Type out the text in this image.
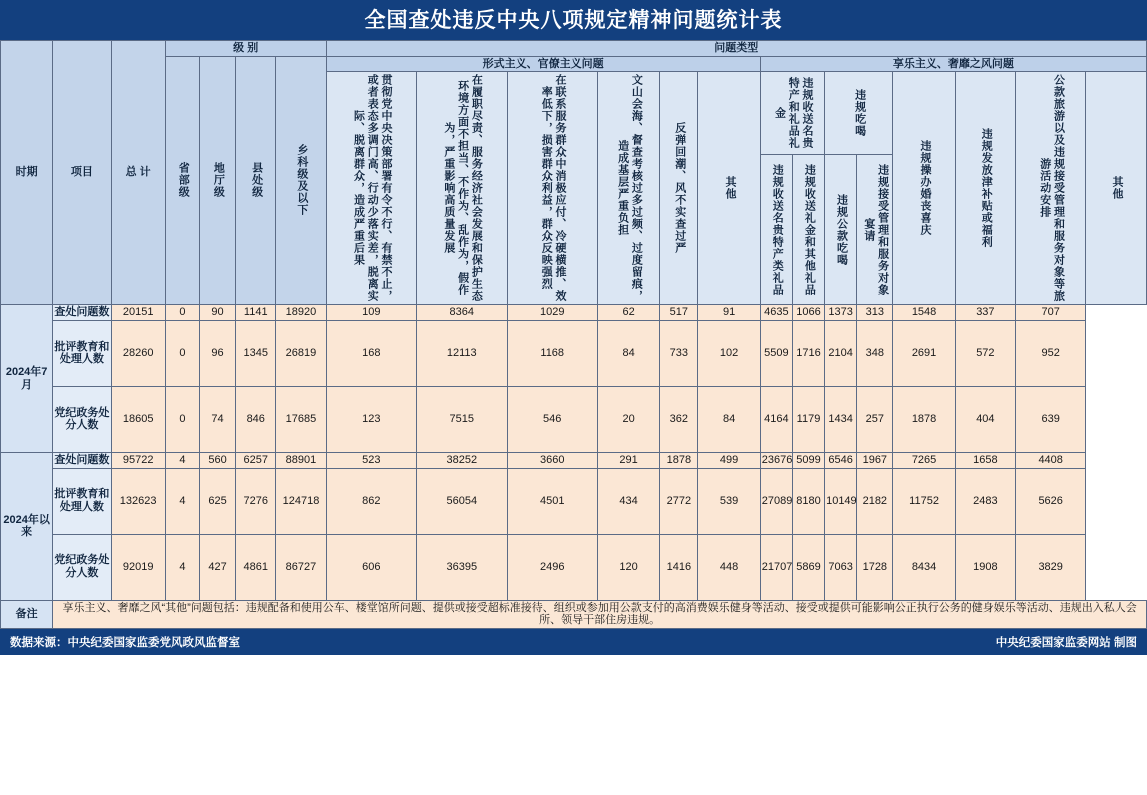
全国查处违反中央八项规定精神问题统计表
时期	项目	总 计	级 别				问题类型													

			省部级	地厅级	县处级	乡科级及以下	形式主义、官僚主义问题						享乐主义、奢靡之风问题							

							贯彻党中央决策部署有令不行、有禁不止，或者表态多调门高、行动少落实差，脱离实际、脱离群众，造成严重后果	在履职尽责、服务经济社会发展和保护生态环境方面不担当、不作为、乱作为，假作为，严重影响高质量发展	在联系服务群众中消极应付、冷硬横推、效率低下，损害群众利益，群众反映强烈	文山会海、督查考核过多过频、过度留痕，造成基层严重负担	反弹回潮、风不实查过严	其他	违规收送名贵特产和礼品礼金		违规吃喝		违规操办婚丧喜庆	违规发放津补贴或福利	公款旅游以及违规接受管理和服务对象等旅游活动安排	其他

													违规收送名贵特产类礼品	违规收送礼金和其他礼品	违规公款吃喝	违规接受管理和服务对象宴请				

2024年7月	查处问题数	20151	0	90	1141	18920	109	8364	1029	62	517	91	4635	1066	1373	313	1548	337	707	
	批评教育和处理人数	28260	0	96	1345	26819	168	12113	1168	84	733	102	5509	1716	2104	348	2691	572	952	
	党纪政务处分人数	18605	0	74	846	17685	123	7515	546	20	362	84	4164	1179	1434	257	1878	404	639	
2024年以来	查处问题数	95722	4	560	6257	88901	523	38252	3660	291	1878	499	23676	5099	6546	1967	7265	1658	4408	
	批评教育和处理人数	132623	4	625	7276	124718	862	56054	4501	434	2772	539	27089	8180	10149	2182	11752	2483	5626	
	党纪政务处分人数	92019	4	427	4861	86727	606	36395	2496	120	1416	448	21707	5869	7063	1728	8434	1908	3829	
备注	享乐主义、奢靡之风“其他”问题包括：违规配备和使用公车、楼堂馆所问题、提供或接受超标准接待、组织或参加用公款支付的高消费娱乐健身等活动、接受或提供可能影响公正执行公务的健身娱乐等活动、违规出入私人会所、领导干部住房违规。																			
数据来源：中央纪委国家监委党风政风监督室	中央纪委国家监委网站 制图
